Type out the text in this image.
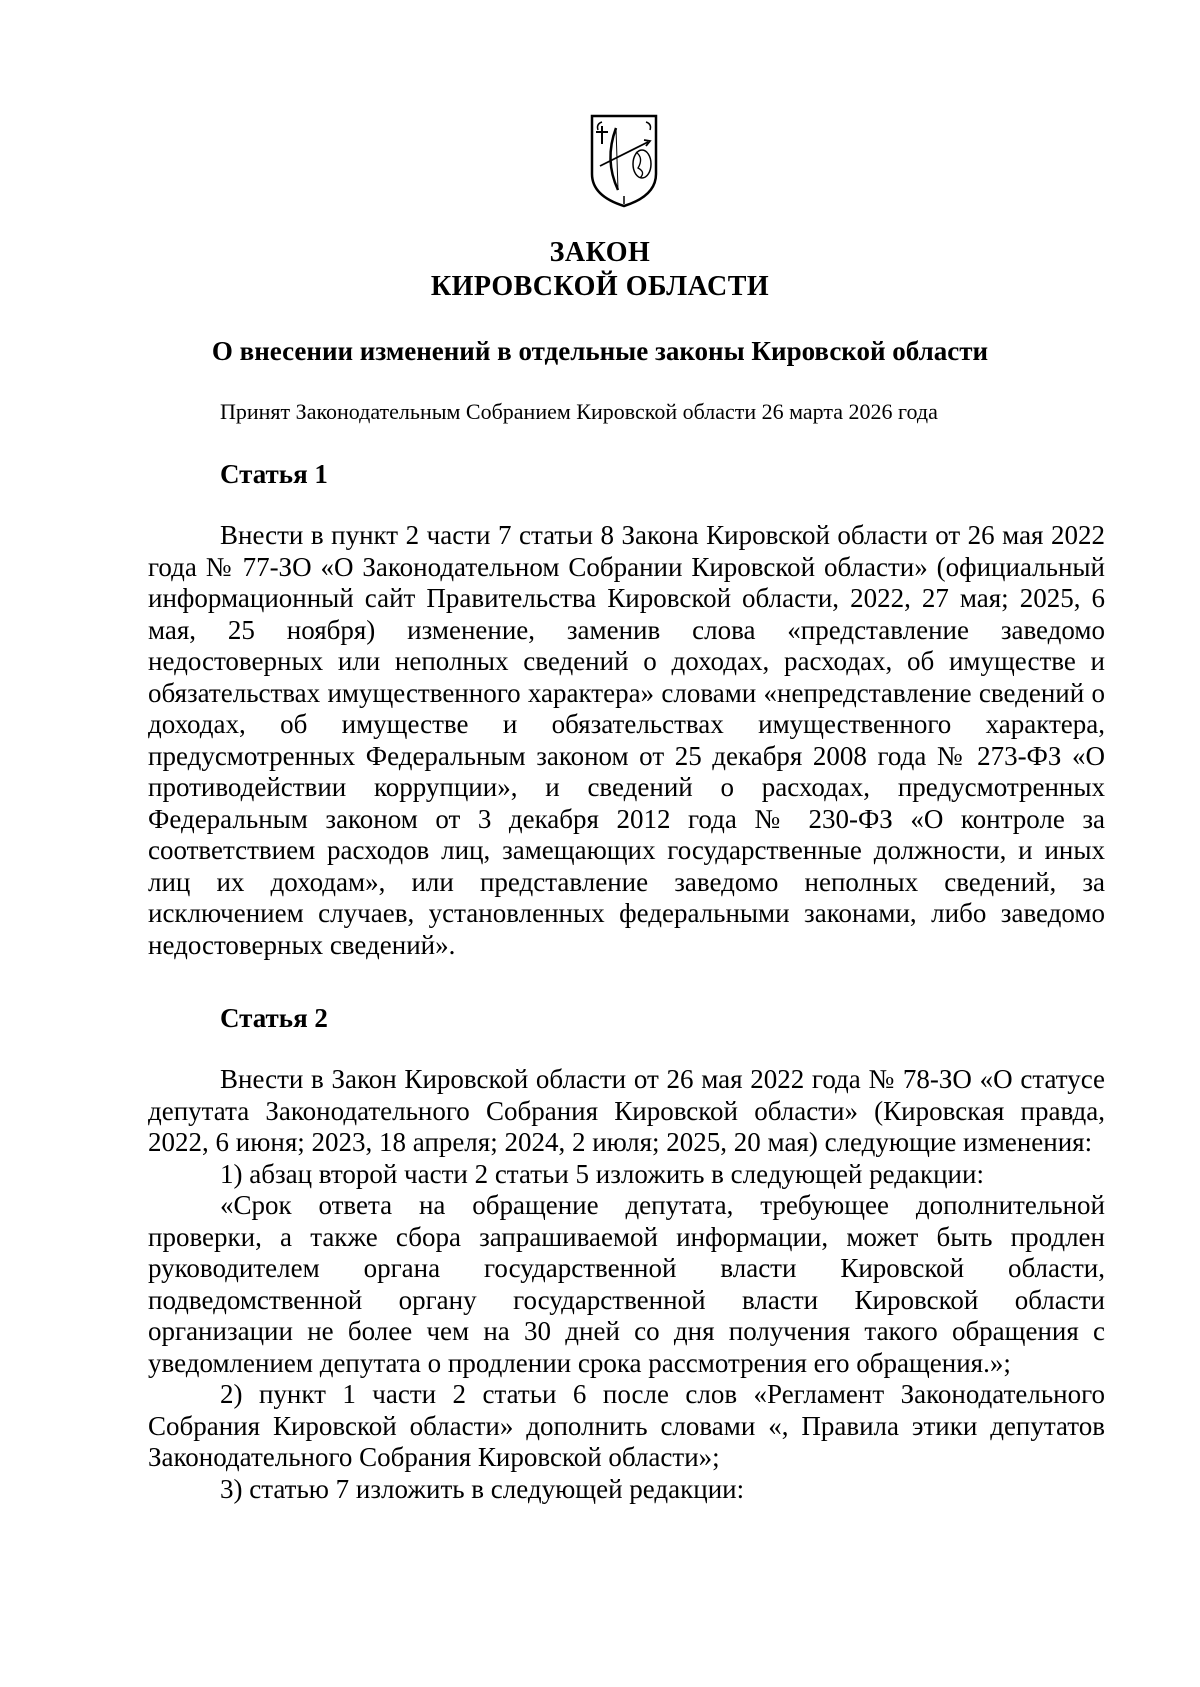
ЗАКОН
КИРОВСКОЙ ОБЛАСТИ
О внесении изменений в отдельные законы Кировской области
Принят Законодательным Собранием Кировской области 26 марта 2026 года
Статья 1

Внести в пункт 2 части 7 статьи 8 Закона Кировской области от 26 мая 2022 года № 77-ЗО «О Законодательном Собрании Кировской области» (официальный информационный сайт Правительства Кировской области, 2022, 27 мая; 2025, 6 мая, 25 ноября) изменение, заменив слова «представление заведомо недостоверных или неполных сведений о доходах, расходах, об имуществе и обязательствах имущественного характера» словами «непредставление сведений о доходах, об имуществе и обязательствах имущественного характера, предусмотренных Федеральным законом от 25 декабря 2008 года № 273-ФЗ «О противодействии коррупции», и сведений о расходах, предусмотренных Федеральным законом от 3 декабря 2012 года № 230-ФЗ «О контроле за соответствием расходов лиц, замещающих государственные должности, и иных лиц их доходам», или представление заведомо неполных сведений, за исключением случаев, установленных федеральными законами, либо заведомо недостоверных сведений».

Статья 2

Внести в Закон Кировской области от 26 мая 2022 года № 78-ЗО «О статусе депутата Законодательного Собрания Кировской области» (Кировская правда, 2022, 6 июня; 2023, 18 апреля; 2024, 2 июля; 2025, 20 мая) следующие изменения:

1) абзац второй части 2 статьи 5 изложить в следующей редакции:

«Срок ответа на обращение депутата, требующее дополнительной проверки, а также сбора запрашиваемой информации, может быть продлен руководителем органа государственной власти Кировской области, подведомственной органу государственной власти Кировской области организации не более чем на 30 дней со дня получения такого обращения с уведомлением депутата о продлении срока рассмотрения его обращения.»;

2) пункт 1 части 2 статьи 6 после слов «Регламент Законодательного Собрания Кировской области» дополнить словами «, Правила этики депутатов Законодательного Собрания Кировской области»;

3) статью 7 изложить в следующей редакции:
